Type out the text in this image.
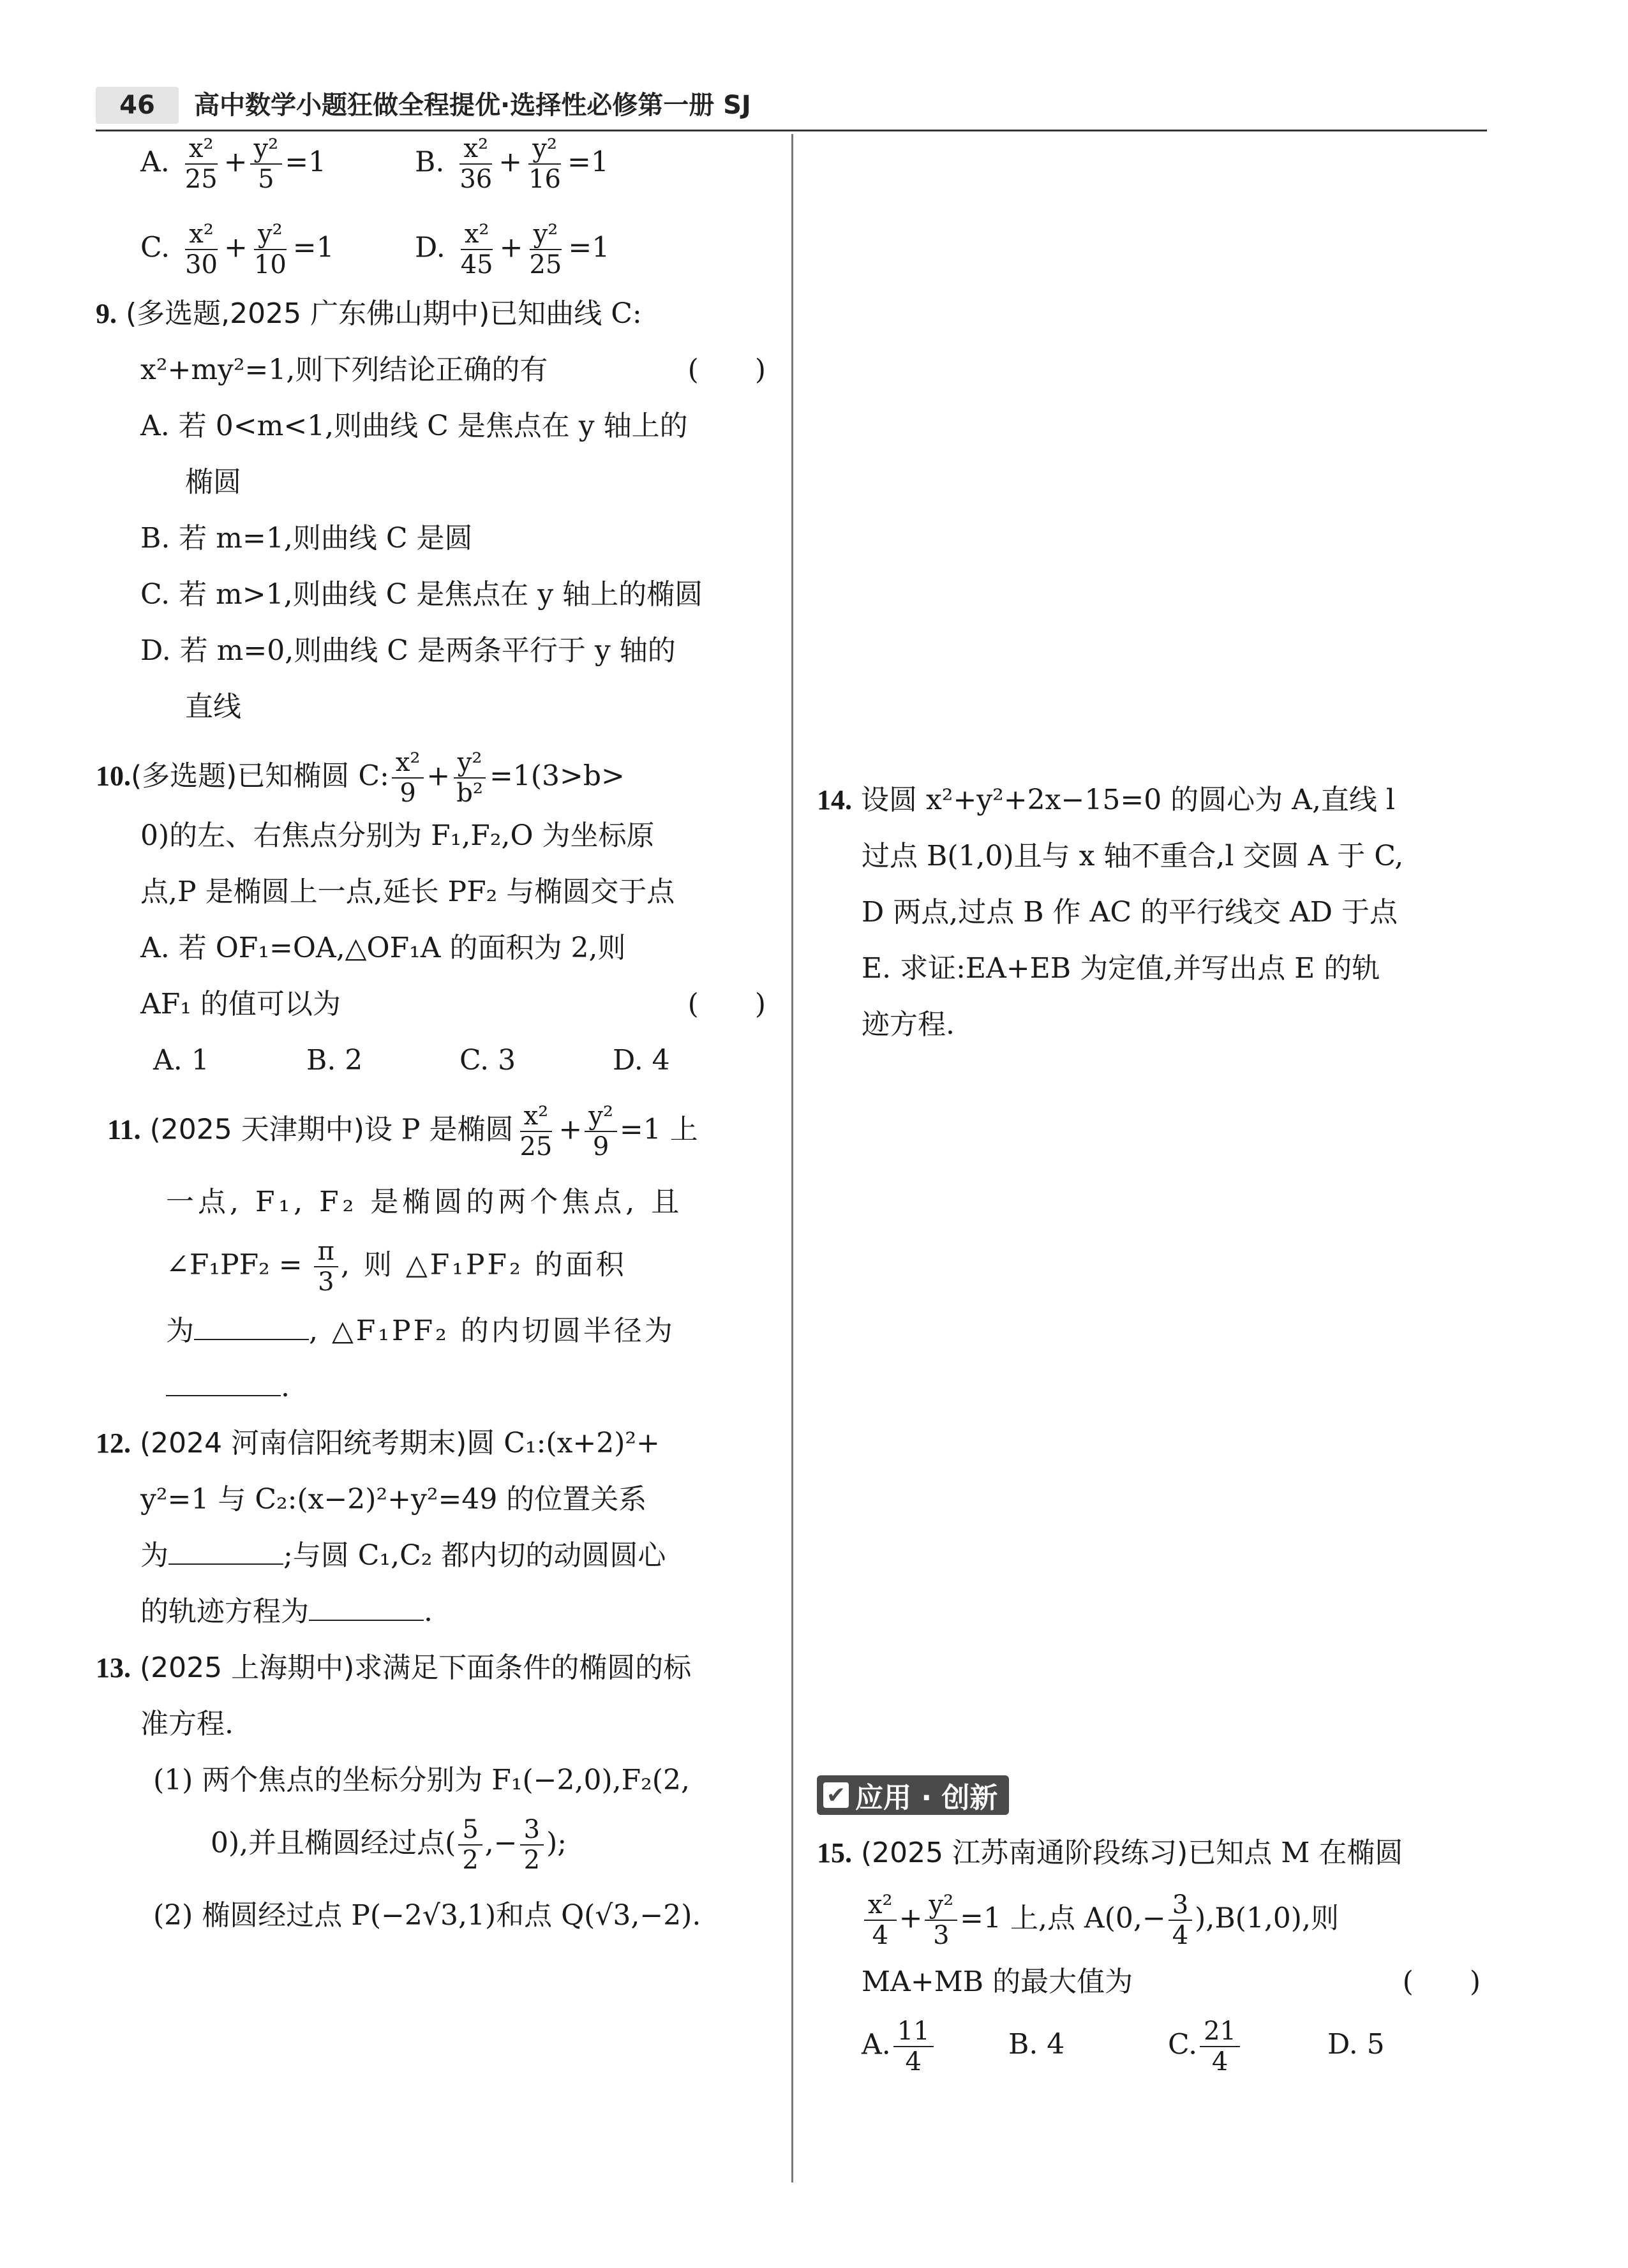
46	高中数学小题狂做全程提优·选择性必修第一册 SJ
A. $\frac{\text{x²}}{25} + \frac{\text{y²}}{5} =1$	B. $\frac{\text{x²}}{36} + \frac{\text{y²}}{16} =1$
C. $\frac{\text{x²}}{30} + \frac{\text{y²}}{10} =1$	D. $\frac{\text{x²}}{45} + \frac{\text{y²}}{25} =1$
9. (多选题,2025 广东佛山期中)已知曲线 C:
x²+my²=1,则下列结论正确的有	(　　)
A. 若 0<m<1,则曲线 C 是焦点在 y 轴上的
椭圆
B. 若 m=1,则曲线 C 是圆
C. 若 m>1,则曲线 C 是焦点在 y 轴上的椭圆
D. 若 m=0,则曲线 C 是两条平行于 y 轴的
直线
10.(多选题)已知椭圆 C: $\frac{\text{x²}}{9} + \frac{\text{y²}}{\text{b²}} =1(3>b>$
0)的左、右焦点分别为 F₁,F₂,O 为坐标原
点,P 是椭圆上一点,延长 PF₂ 与椭圆交于点
A. 若 OF₁=OA,△OF₁A 的面积为 2,则
AF₁ 的值可以为	(　　)
A. 1	B. 2	C. 3	D. 4
11. (2025 天津期中)设 P 是椭圆 $\frac{\text{x²}}{25} + \frac{\text{y²}}{9} =1$ 上
一点, F₁, F₂ 是椭圆的两个焦点, 且
∠F₁PF₂ = $\frac{\pi}{3}$ , 则 △F₁PF₂ 的面积
为	, △F₁PF₂ 的内切圆半径为
.
12. (2024 河南信阳统考期末)圆 C₁:(x+2)²+
y²=1 与 C₂:(x−2)²+y²=49 的位置关系
为	;与圆 C₁,C₂ 都内切的动圆圆心
的轨迹方程为	.
13. (2025 上海期中)求满足下面条件的椭圆的标
准方程.
(1) 两个焦点的坐标分别为 F₁(−2,0),F₂(2,
0),并且椭圆经过点( $\frac{5}{2}$ ,− $\frac{3}{2}$ );
(2) 椭圆经过点 P(−2√3,1)和点 Q(√3,−2).
14. 设圆 x²+y²+2x−15=0 的圆心为 A,直线 l
过点 B(1,0)且与 x 轴不重合,l 交圆 A 于 C,
D 两点,过点 B 作 AC 的平行线交 AD 于点
E. 求证:EA+EB 为定值,并写出点 E 的轨
迹方程.
✔ 应用 · 创新
15. (2025 江苏南通阶段练习)已知点 M 在椭圆
$\frac{\text{x²}}{4} + \frac{\text{y²}}{3} =1$ 上,点 $A(0,- \frac{3}{4} ),B(1,0)$,则
MA+MB 的最大值为	(　　)
A. $\frac{11}{4}$	B. 4	C. $\frac{21}{4}$	D. 5
